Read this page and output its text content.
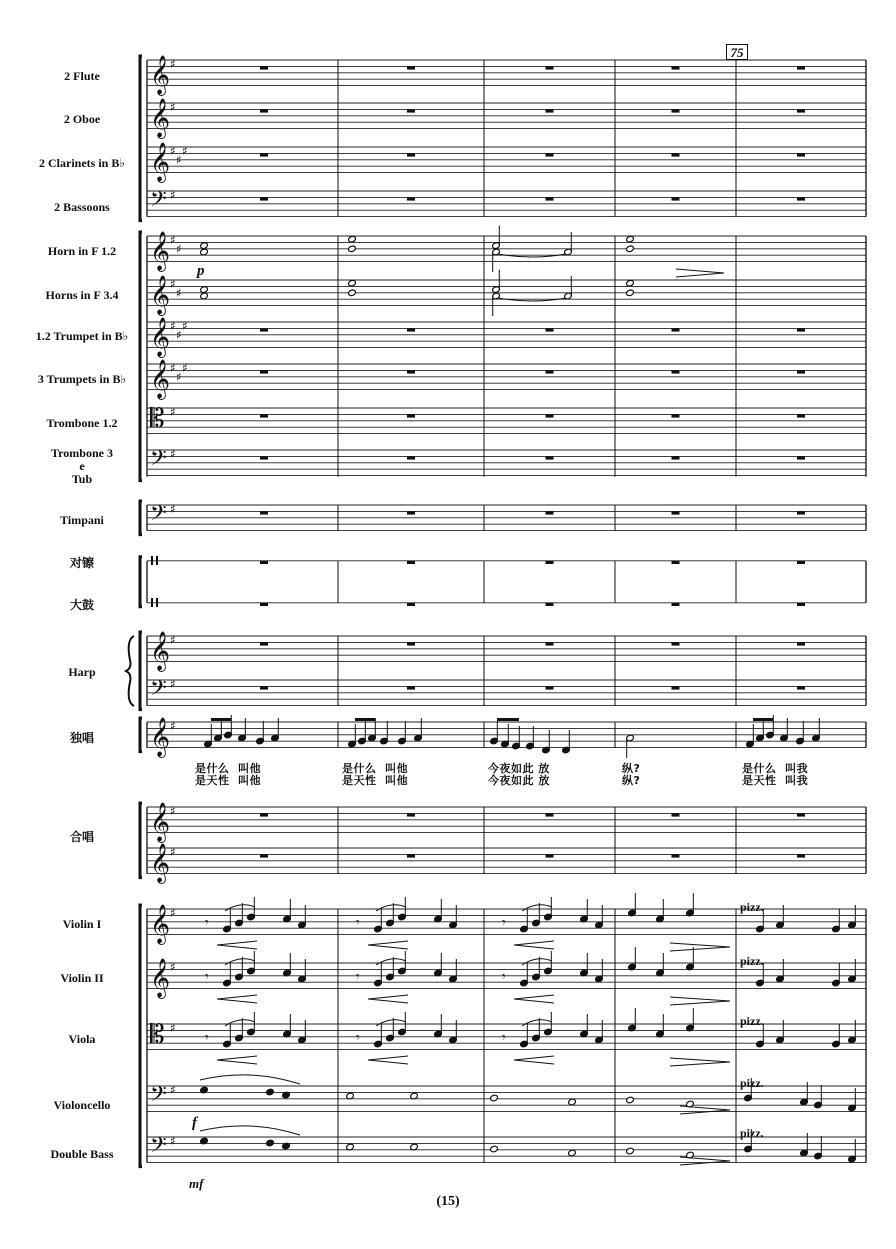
𝄞 ♯
𝄞 ♯
𝄞 ♯
♯
♯
𝄢 ♯
𝄞 ♯
♯
𝄞 ♯
♯
𝄞 ♯
♯
♯
𝄞 ♯
♯
♯
𝄡 ♯
𝄢 ♯
𝄢 ♯
𝄞 ♯
𝄢 ♯
𝄞 ♯
𝄞 ♯
𝄞 ♯
𝄞 ♯
𝄞 ♯
𝄡 ♯
𝄢 ♯
𝄢 ♯
𝄾	𝄾	𝄾
𝄾	𝄾	𝄾
𝄾	𝄾	𝄾
75
2 Flute
2 Oboe
2 Clarinets in B♭
2 Bassoons
Horn in F 1.2
Horns in F 3.4
1.2 Trumpet in B♭
3 Trumpets in B♭
Trombone 1.2
Trombone 3
e
Tub
Timpani
对镲
大鼓
Harp
独唱
合唱
Violin I
Violin II
Viola
Violoncello
Double Bass
是什么  叫他
是天性  叫他
是什么  叫他
是天性  叫他
今夜如此 放
今夜如此 放
纵?
纵?
是什么  叫我
是天性  叫我
p
f
mf
pizz.
pizz.
pizz.
pizz.
pizz.
(15)
